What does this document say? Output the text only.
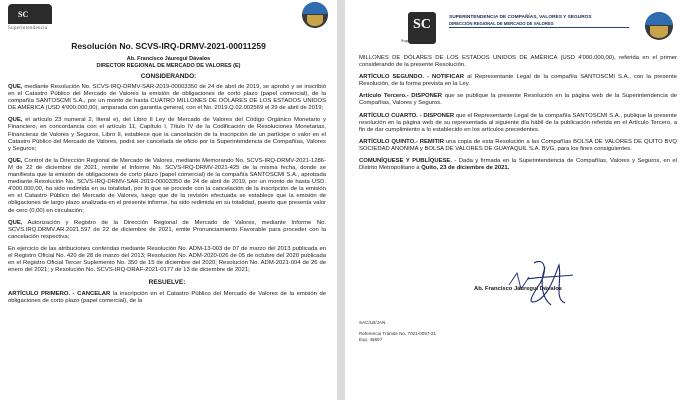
SC
Superintendencia
Resolución No. SCVS-IRQ-DRMV-2021-00011259
Ab. Francisco Jáuregui Dávalos
DIRECTOR REGIONAL DE MERCADO DE VALORES (E)
CONSIDERANDO:

QUE, mediante Resolución No. SCVS-IRQ-DRMV-SAR-2019-00003350 de 24 de abril de 2019, se aprobó y se inscribió en el Catastro Público del Mercado de Valores la emisión de obligaciones de corto plazo (papel comercial), de la compañía SANTOSCMI S.A., por un monto de hasta CUATRO MILLONES DE DÓLARES DE LOS ESTADOS UNIDOS DE AMÉRICA (USD 4'000.000,00), amparada con garantía general, con el No. 2019.Q.02.002569 el 29 de abril de 2019;

QUE, el artículo 23 numeral 2, literal e), del Libro II Ley de Mercado de Valores del Código Orgánico Monetario y Financiero, en concordancia con el artículo 11, Capítulo I, Título IV de la Codificación de Resoluciones Monetarias, Financieras de Valores y Seguros, Libro II, establece que la cancelación de la inscripción de un partícipe o valor en el Catastro Público del Mercado de Valores, podrá ser cancelada de oficio por la Superintendencia de Compañías, Valores y Seguros;

QUE, Control de la Dirección Regional de Mercado de Valores, mediante Memorando No. SCVS-IRQ-DRMV-2021-1286-M de 22 de diciembre de 2021, remite el Informe No. SCVS-IRQ-DRMV-2021-425 de la misma fecha, donde se manifiesta que la emisión de obligaciones de corto plazo (papel comercial) de la compañía SANTOSCMI S.A., aprobada mediante Resolución No. SCVS-IRQ-DRMV-SAR-2019-00003350 de 24 de abril de 2019, por un monto de hasta USD. 4'000.000,00, ha sido redimida en su totalidad, por lo que se procede con la cancelación de la inscripción de la emisión en el Catastro Público del Mercado de Valores, luego que de la revisión efectuada se establece que la emisión de obligaciones de largo plazo analizada en el presente informe, ha sido redimida en su totalidad, puesto que presenta valor de cero (0,00) en circulación;

QUE, Autorización y Registro de la Dirección Regional de Mercado de Valores, mediante Informe No. SCVS.IRQ.DRMV.AR.2021.597 de 22 de diciembre de 2021, emite Pronunciamiento Favorable para proceder con la cancelación respectiva;

En ejercicio de las atribuciones conferidas mediante Resolución No. ADM-13-003 de 07 de marzo del 2013 publicada en el Registro Oficial No. 420 de 28 de marzo del 2013; Resolución No. ADM-2020-026 de 05 de octubre del 2020 publicada en el Registro Oficial Tercer Suplemento No. 350 de 15 de diciembre del 2020; Resolución No. ADM-2021-004 de 26 de enero del 2021; y Resolución No. SCVS-IRQ-DRAF-2021-0177 de 13 de diciembre de 2021;

RESUELVE:

ARTÍCULO PRIMERO. - CANCELAR la inscripción en el Catastro Público del Mercado de Valores de la emisión de obligaciones de corto plazo (papel comercial), de la

SC
Superintendencia
SUPERINTENDENCIA DE COMPAÑÍAS, VALORES Y SEGUROS
DIRECCIÓN REGIONAL DE MERCADO DE VALORES

MILLONES DE DÓLARES DE LOS ESTADOS UNIDOS DE AMÉRICA (USD 4'000.000,00), referida en el primer considerando de la presente Resolución.

ARTÍCULO SEGUNDO. - NOTIFICAR al Representante Legal de la compañía SANTOSCMI S.A., con la presente Resolución, de la forma prevista en la Ley.

Artículo Tercero.- DISPONER que se publique la presente Resolución en la página web de la Superintendencia de Compañías, Valores y Seguros.

ARTÍCULO CUARTO. - DISPONER que el Representante Legal de la compañía SANTOSCMI S.A., publique la presente resolución en la página web de su representada al siguiente día hábil de la publicación referida en el Artículo Tercero, a fin de dar cumplimiento a lo establecido en los artículos precedentes.

ARTÍCULO QUINTO.- REMITIR una copia de esta Resolución a las Compañías BOLSA DE VALORES DE QUITO BVQ SOCIEDAD ANONIMA y BOLSA DE VALORES DE GUAYAQUIL S.A. BVG, para los fines consiguientes.

COMUNÍQUESE Y PUBLÍQUESE. - Dada y firmada en la Superintendencia de Compañías, Valores y Seguros, en el Distrito Metropolitano a Quito, 23 de diciembre de 2021.

Ab. Francisco Jáuregui Dávalos
SAC/LB/JAN
Referencia Trámite No. 7021-0057-21
Exp. 48667
